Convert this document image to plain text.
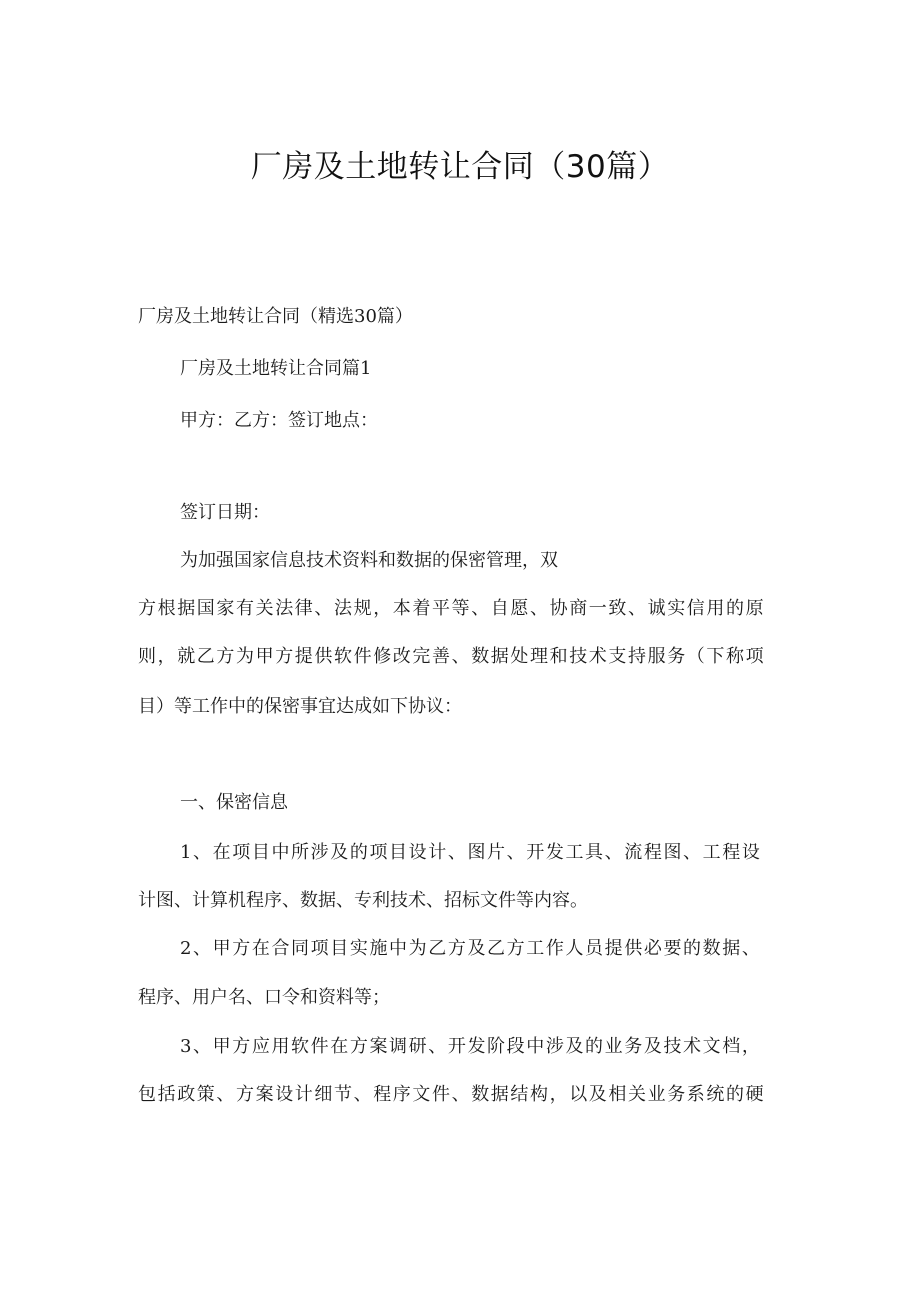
厂房及土地转让合同（30篇）

厂房及土地转让合同（精选30篇）

厂房及土地转让合同篇1

甲方：乙方：签订地点：

签订日期：

为加强国家信息技术资料和数据的保密管理，双

方根据国家有关法律、法规，本着平等、自愿、协商一致、诚实信用的原

则，就乙方为甲方提供软件修改完善、数据处理和技术支持服务（下称项

目）等工作中的保密事宜达成如下协议：

一、保密信息

1、在项目中所涉及的项目设计、图片、开发工具、流程图、工程设

计图、计算机程序、数据、专利技术、招标文件等内容。

2、甲方在合同项目实施中为乙方及乙方工作人员提供必要的数据、

程序、用户名、口令和资料等；

3、甲方应用软件在方案调研、开发阶段中涉及的业务及技术文档，

包括政策、方案设计细节、程序文件、数据结构，以及相关业务系统的硬
